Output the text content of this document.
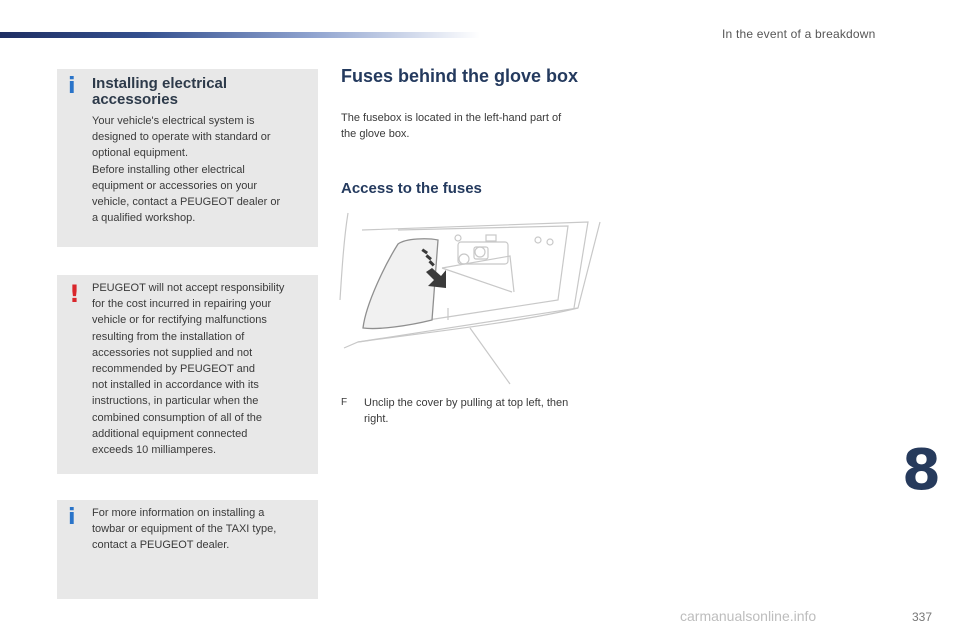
In the event of a breakdown
i Installing electrical
accessories
Your vehicle's electrical system is
designed to operate with standard or
optional equipment.
Before installing other electrical
equipment or accessories on your
vehicle, contact a PEUGEOT dealer or
a qualified workshop.
! PEUGEOT will not accept responsibility
for the cost incurred in repairing your
vehicle or for rectifying malfunctions
resulting from the installation of
accessories not supplied and not
recommended by PEUGEOT and
not installed in accordance with its
instructions, in particular when the
combined consumption of all of the
additional equipment connected
exceeds 10 milliamperes.
i For more information on installing a
towbar or equipment of the TAXI type,
contact a PEUGEOT dealer.
Fuses behind the glove box
The fusebox is located in the left-hand part of
the glove box.
Access to the fuses
F Unclip the cover by pulling at top left, then
right.
8
carmanualsonline.info	337
